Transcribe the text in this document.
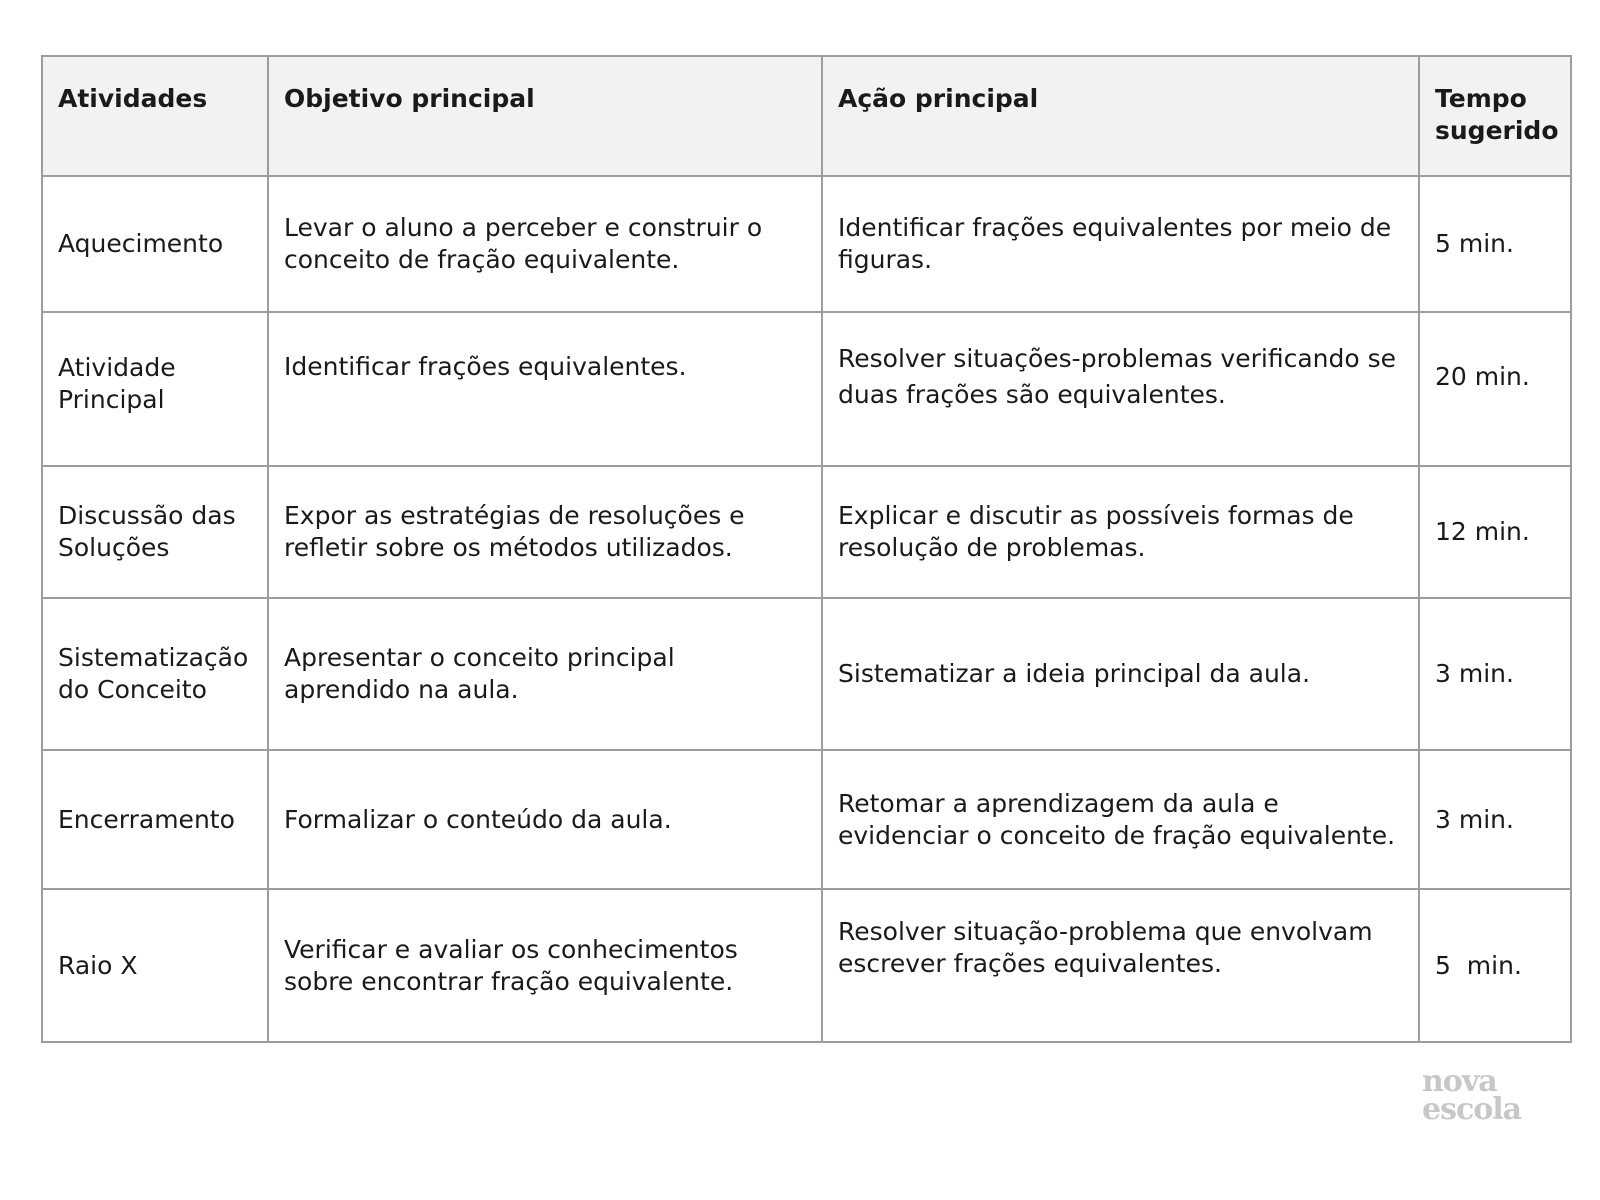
Atividades	Objetivo principal	Ação principal	Tempo sugerido
Aquecimento	Levar o aluno a perceber e construir o conceito de fração equivalente.	Identificar frações equivalentes por meio de figuras.	5 min.
Atividade Principal	Identificar frações equivalentes.	Resolver situações-problemas verificando se duas frações são equivalentes.	20 min.
Discussão das Soluções	Expor as estratégias de resoluções e refletir sobre os métodos utilizados.	Explicar e discutir as possíveis formas de resolução de problemas.	12 min.
Sistematização do Conceito	Apresentar o conceito principal aprendido na aula.	Sistematizar a ideia principal da aula.	3 min.
Encerramento	Formalizar o conteúdo da aula.	Retomar a aprendizagem da aula e evidenciar o conceito de fração equivalente.	3 min.
Raio X	Verificar e avaliar os conhecimentos sobre encontrar fração equivalente.	Resolver situação-problema que envolvam escrever frações equivalentes.	5  min.
nova
escola
